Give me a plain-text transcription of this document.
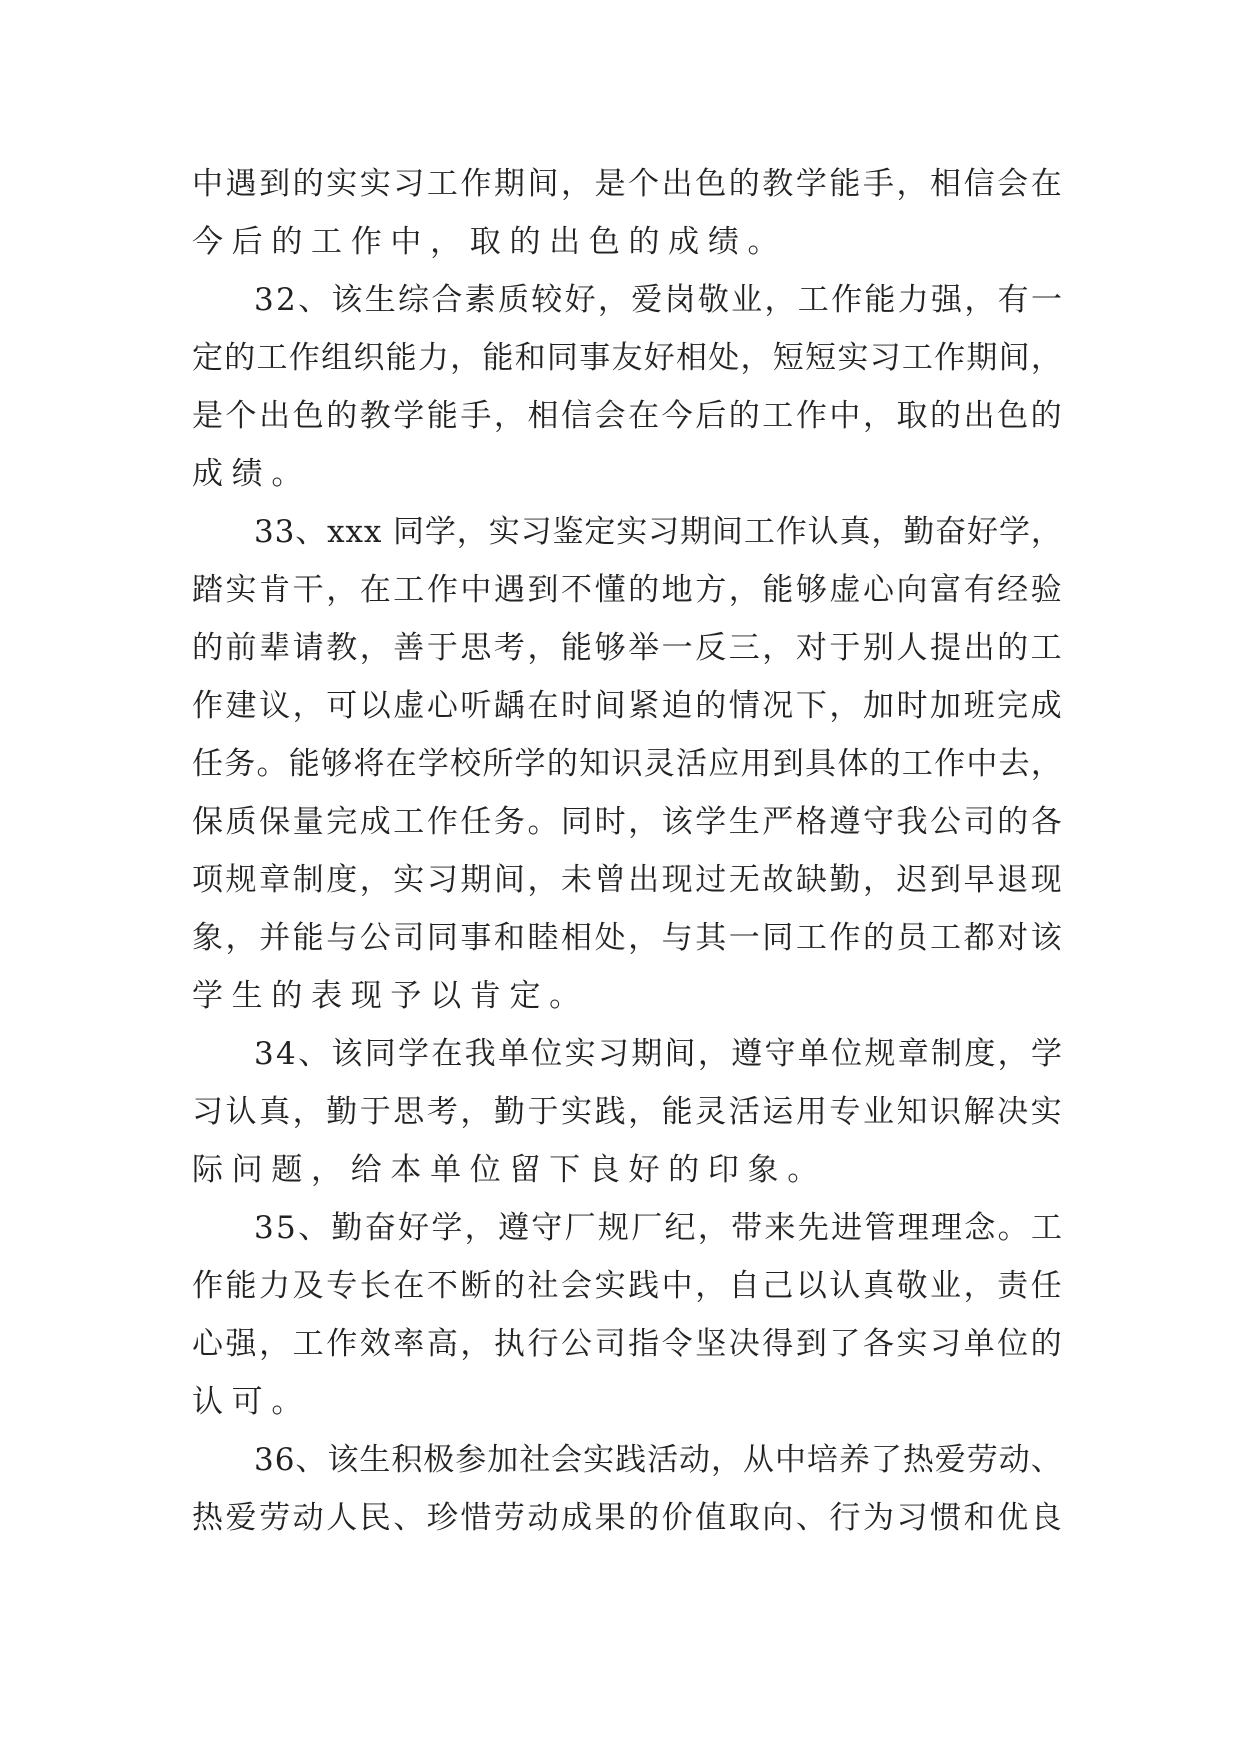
中 遇 到 的 实 实 习 工 作 期 间 ， 是 个 出 色 的 教 学 能 手 ， 相 信 会 在
今后的工作中，取的出色的成绩。
3 2 、 该 生 综 合 素 质 较 好 ， 爱 岗 敬 业 ， 工 作 能 力 强 ， 有 一
定 的 工 作 组 织 能 力 ， 能 和 同 事 友 好 相 处 ， 短 短 实 习 工 作 期 间 ，
是 个 出 色 的 教 学 能 手 ， 相 信 会 在 今 后 的 工 作 中 ， 取 的 出 色 的
成绩。
3 3 、 x x x
同 学 ， 实 习 鉴 定 实 习 期 间 工 作 认 真 ， 勤 奋 好 学 ，
踏 实 肯 干 ， 在 工 作 中 遇 到 不 懂 的 地 方 ， 能 够 虚 心 向 富 有 经 验
的 前 辈 请 教 ， 善 于 思 考 ， 能 够 举 一 反 三 ， 对 于 别 人 提 出 的 工
作 建 议 ， 可 以 虚 心 听 龋 在 时 间 紧 迫 的 情 况 下 ， 加 时 加 班 完 成
任 务 。 能 够 将 在 学 校 所 学 的 知 识 灵 活 应 用 到 具 体 的 工 作 中 去 ，
保 质 保 量 完 成 工 作 任 务 。 同 时 ， 该 学 生 严 格 遵 守 我 公 司 的 各
项 规 章 制 度 ， 实 习 期 间 ， 未 曾 出 现 过 无 故 缺 勤 ， 迟 到 早 退 现
象 ， 并 能 与 公 司 同 事 和 睦 相 处 ， 与 其 一 同 工 作 的 员 工 都 对 该
学生的表现予以肯定。
3 4 、 该 同 学 在 我 单 位 实 习 期 间 ， 遵 守 单 位 规 章 制 度 ， 学
习 认 真 ， 勤 于 思 考 ， 勤 于 实 践 ， 能 灵 活 运 用 专 业 知 识 解 决 实
际问题，给本单位留下良好的印象。
3 5 、 勤 奋 好 学 ， 遵 守 厂 规 厂 纪 ， 带 来 先 进 管 理 理 念 。 工
作 能 力 及 专 长 在 不 断 的 社 会 实 践 中 ， 自 己 以 认 真 敬 业 ， 责 任
心 强 ， 工 作 效 率 高 ， 执 行 公 司 指 令 坚 决 得 到 了 各 实 习 单 位 的
认可。
3 6 、 该 生 积 极 参 加 社 会 实 践 活 动 ， 从 中 培 养 了 热 爱 劳 动 、
热 爱 劳 动 人 民 、 珍 惜 劳 动 成 果 的 价 值 取 向 、 行 为 习 惯 和 优 良
